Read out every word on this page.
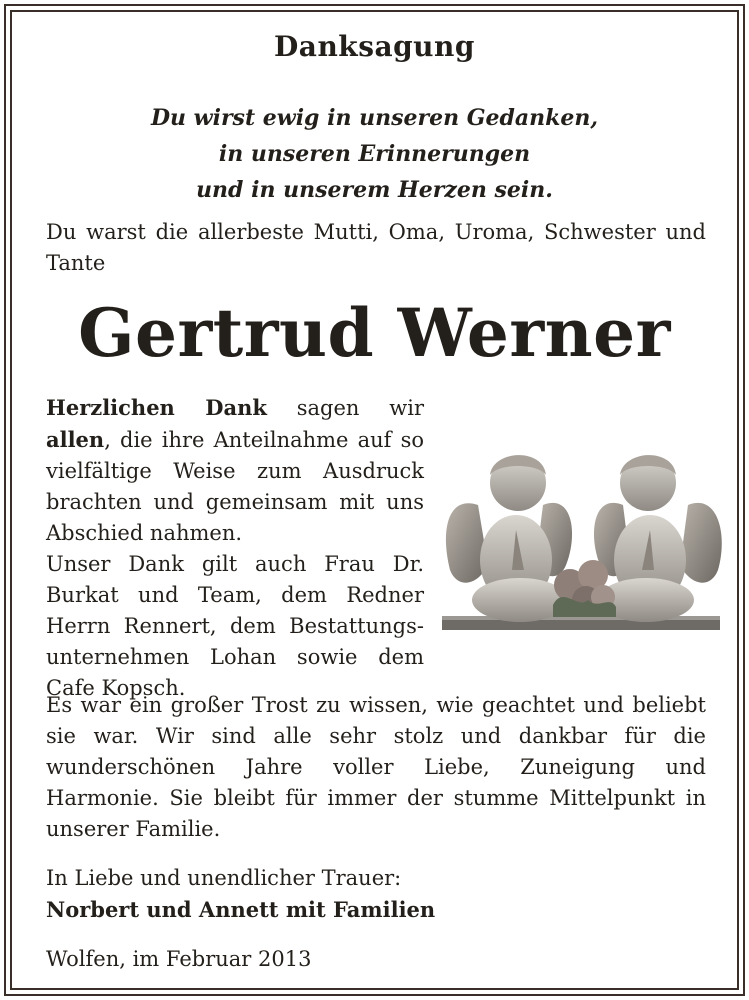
Danksagung
Du wirst ewig in unseren Gedanken,
in unseren Erinnerungen
und in unserem Herzen sein.
Du warst die allerbeste Mutti, Oma, Uroma, Schwester und Tante
Gertrud Werner
Herzlichen Dank sagen wir allen, die ihre Anteilnahme auf so vielfältige Weise zum Ausdruck brachten und gemeinsam mit uns Abschied nahmen.
Unser Dank gilt auch Frau Dr. Burkat und Team, dem Redner Herrn Rennert, dem Bestattungsunternehmen Lohan sowie dem Cafe Kopsch.
Es war ein großer Trost zu wissen, wie geachtet und beliebt sie war. Wir sind alle sehr stolz und dankbar für die wunderschönen Jahre voller Liebe, Zuneigung und Harmonie. Sie bleibt für immer der stumme Mittelpunkt in unserer Familie.
In Liebe und unendlicher Trauer:
Norbert und Annett mit Familien
Wolfen, im Februar 2013
